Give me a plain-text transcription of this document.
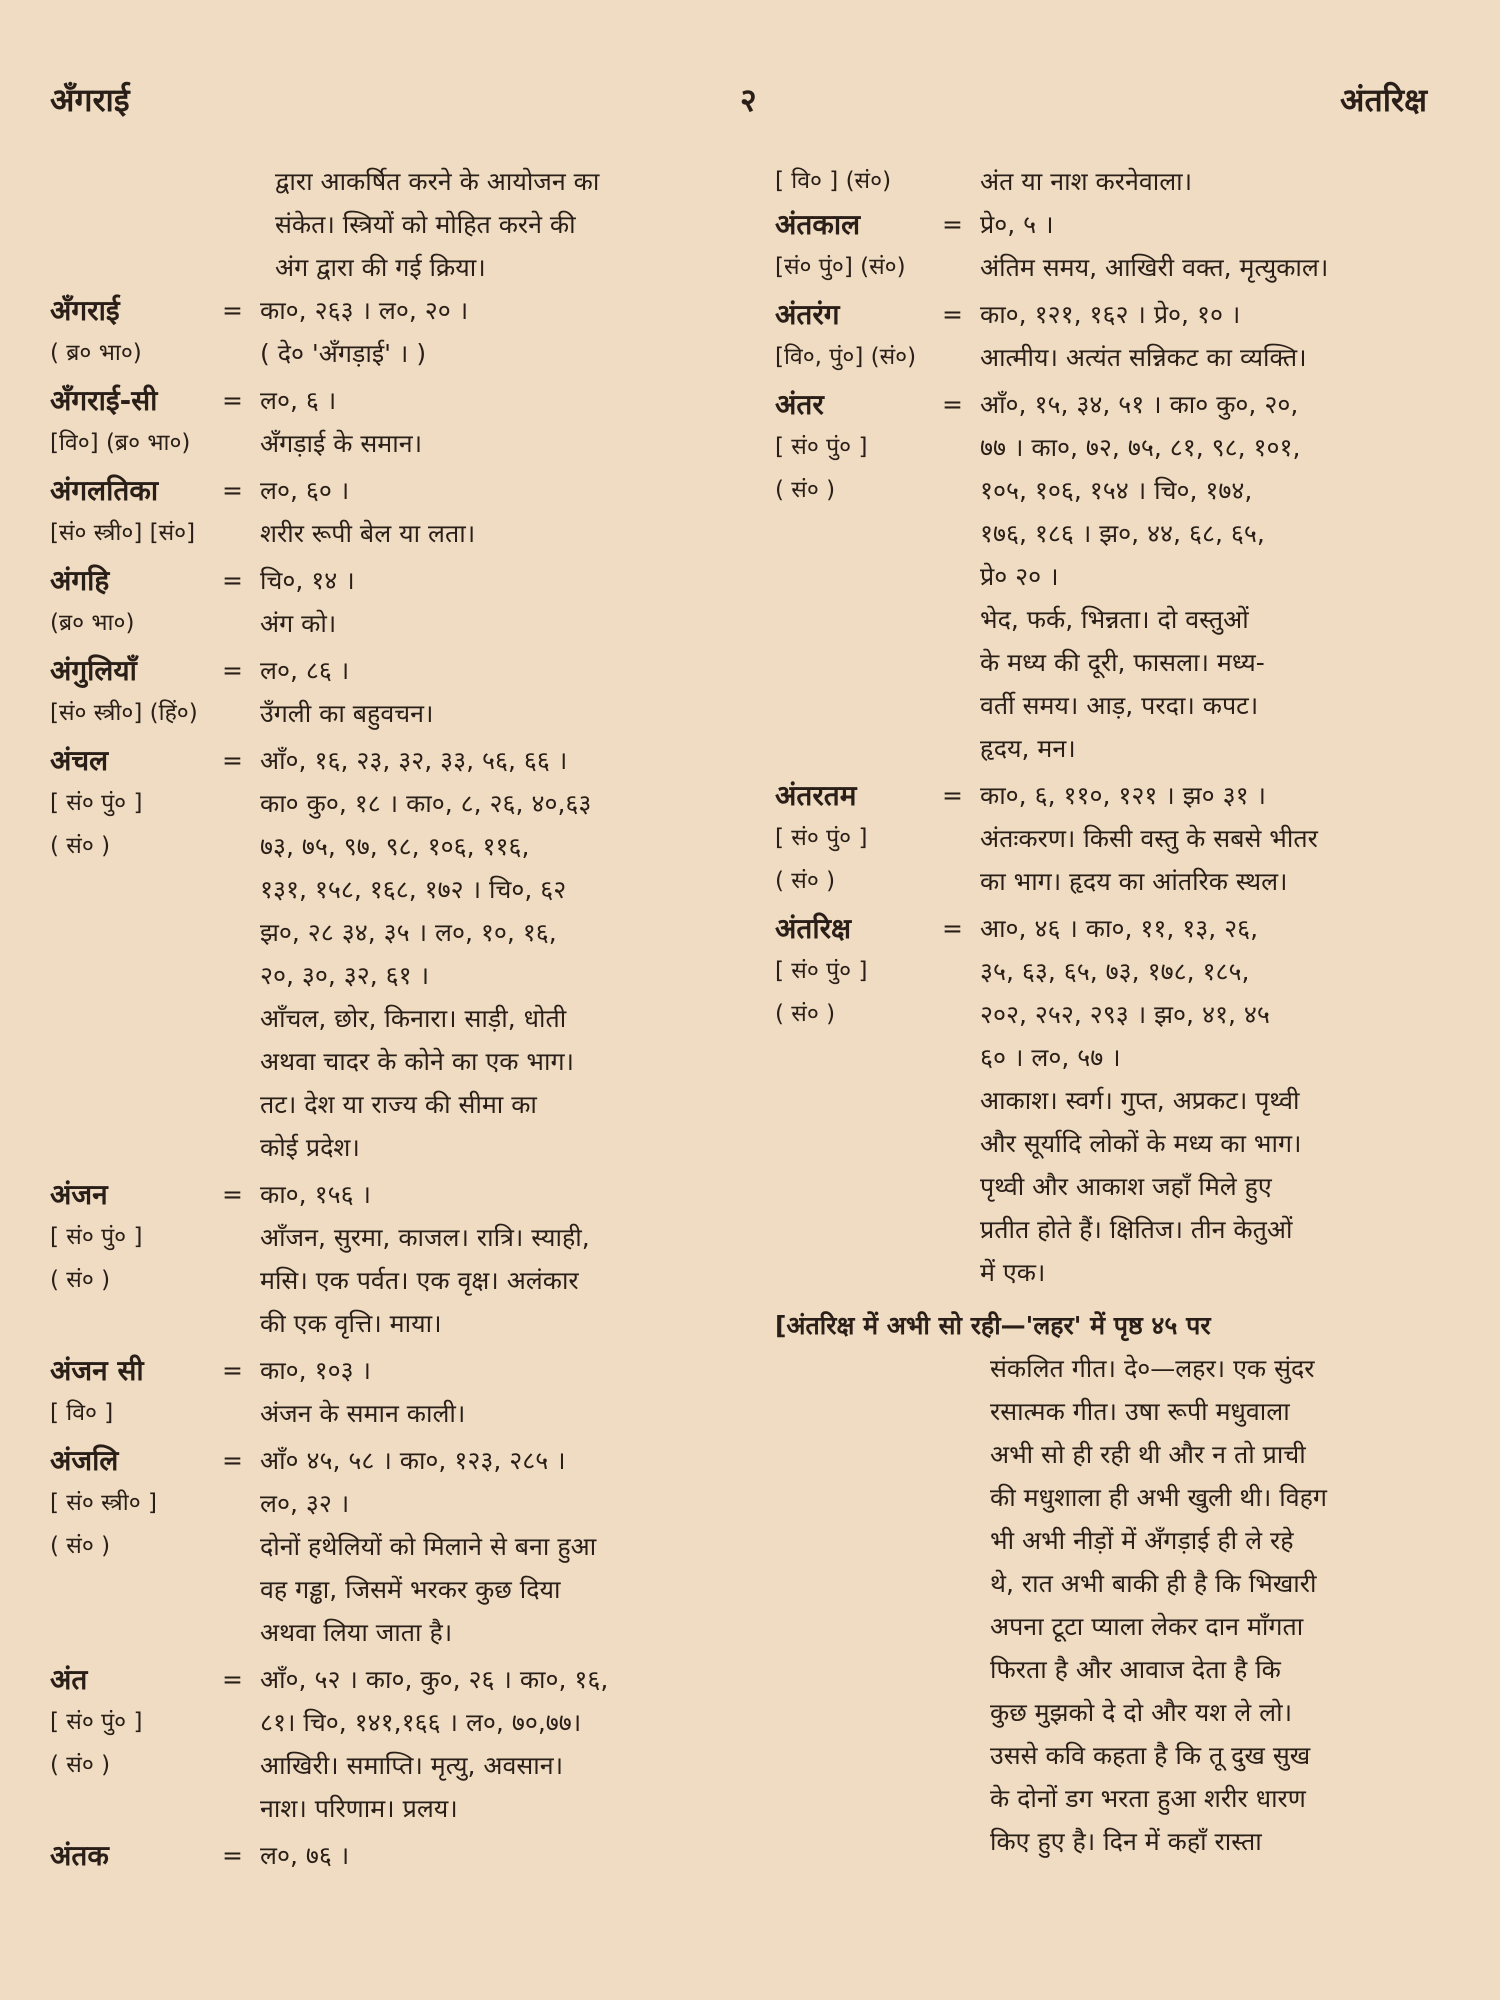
अँगराई	२	अंतरिक्ष
द्वारा आकर्षित करने के आयोजन का
संकेत। स्त्रियों को मोहित करने की
अंग द्वारा की गई क्रिया।
अँगराई	= का०, २६३ । ल०, २० ।
( ब्र० भा०)	( दे० 'अँगड़ाई' । )
अँगराई-सी	= ल०, ६ ।
[वि०] (ब्र० भा०)	अँगड़ाई के समान।
अंगलतिका	= ल०, ६० ।
[सं० स्त्री०] [सं०]	शरीर रूपी बेल या लता।
अंगहि	= चि०, १४ ।
(ब्र० भा०)	अंग को।
अंगुलियाँ	= ल०, ८६ ।
[सं० स्त्री०] (हिं०)	उँगली का बहुवचन।
अंचल	= आँ०, १६, २३, ३२, ३३, ५६, ६६ ।
[ सं० पुं० ]	का० कु०, १८ । का०, ८, २६, ४०,६३
( सं० )	७३, ७५, ९७, ९८, १०६, ११६,
१३१, १५८, १६८, १७२ । चि०, ६२
झ०, २८ ३४, ३५ । ल०, १०, १६,
२०, ३०, ३२, ६१ ।
आँचल, छोर, किनारा। साड़ी, धोती
अथवा चादर के कोने का एक भाग।
तट। देश या राज्य की सीमा का
कोई प्रदेश।
अंजन	= का०, १५६ ।
[ सं० पुं० ]	आँजन, सुरमा, काजल। रात्रि। स्याही,
( सं० )	मसि। एक पर्वत। एक वृक्ष। अलंकार
की एक वृत्ति। माया।
अंजन सी	= का०, १०३ ।
[ वि० ]	अंजन के समान काली।
अंजलि	= आँ० ४५, ५८ । का०, १२३, २८५ ।
[ सं० स्त्री० ]	ल०, ३२ ।
( सं० )	दोनों हथेलियों को मिलाने से बना हुआ
वह गड्ढा, जिसमें भरकर कुछ दिया
अथवा लिया जाता है।
अंत	= आँ०, ५२ । का०, कु०, २६ । का०, १६,
[ सं० पुं० ]	८१। चि०, १४१,१६६ । ल०, ७०,७७।
( सं० )	आखिरी। समाप्ति। मृत्यु, अवसान।
नाश। परिणाम। प्रलय।
अंतक	= ल०, ७६ ।
[ वि० ] (सं०)	अंत या नाश करनेवाला।
अंतकाल	= प्रे०, ५ ।
[सं० पुं०] (सं०)	अंतिम समय, आखिरी वक्त, मृत्युकाल।
अंतरंग	= का०, १२१, १६२ । प्रे०, १० ।
[वि०, पुं०] (सं०)	आत्मीय। अत्यंत सन्निकट का व्यक्ति।
अंतर	= आँ०, १५, ३४, ५१ । का० कु०, २०,
[ सं० पुं० ]	७७ । का०, ७२, ७५, ८१, ९८, १०१,
( सं० )	१०५, १०६, १५४ । चि०, १७४,
१७६, १८६ । झ०, ४४, ६८, ६५,
प्रे० २० ।
भेद, फर्क, भिन्नता। दो वस्तुओं
के मध्य की दूरी, फासला। मध्य-
वर्ती समय। आड़, परदा। कपट।
हृदय, मन।
अंतरतम	= का०, ६, ११०, १२१ । झ० ३१ ।
[ सं० पुं० ]	अंतःकरण। किसी वस्तु के सबसे भीतर
( सं० )	का भाग। हृदय का आंतरिक स्थल।
अंतरिक्ष	= आ०, ४६ । का०, ११, १३, २६,
[ सं० पुं० ]	३५, ६३, ६५, ७३, १७८, १८५,
( सं० )	२०२, २५२, २९३ । झ०, ४१, ४५
६० । ल०, ५७ ।
आकाश। स्वर्ग। गुप्त, अप्रकट। पृथ्वी
और सूर्यादि लोकों के मध्य का भाग।
पृथ्वी और आकाश जहाँ मिले हुए
प्रतीत होते हैं। क्षितिज। तीन केतुओं
में एक।
[अंतरिक्ष में अभी सो रही—'लहर' में पृष्ठ ४५ पर
संकलित गीत। दे०—लहर। एक सुंदर
रसात्मक गीत। उषा रूपी मधुवाला
अभी सो ही रही थी और न तो प्राची
की मधुशाला ही अभी खुली थी। विहग
भी अभी नीड़ों में अँगड़ाई ही ले रहे
थे, रात अभी बाकी ही है कि भिखारी
अपना टूटा प्याला लेकर दान माँगता
फिरता है और आवाज देता है कि
कुछ मुझको दे दो और यश ले लो।
उससे कवि कहता है कि तू दुख सुख
के दोनों डग भरता हुआ शरीर धारण
किए हुए है। दिन में कहाँ रास्ता
